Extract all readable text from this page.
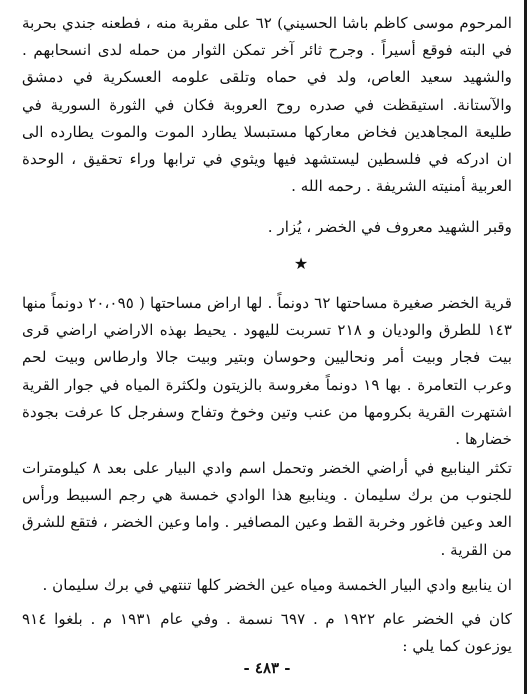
المرحوم موسى كاظم باشا الحسيني) ٦٢ على مقربة منه ، فطعنه جندي بحربة في البته فوقع أسيراً . وجرح ثائر آخر تمكن الثوار من حمله لدى انسحابهم . والشهيد سعيد العاص، ولد في حماه وتلقى علومه العسكرية في دمشق والآستانة. استيقظت في صدره روح العروبة فكان في الثورة السورية في طليعة المجاهدين فخاض معاركها مستبسلا يطارد الموت والموت يطارده الى ان ادركه في فلسطين ليستشهد فيها ويثوي في ترابها وراء تحقيق ، الوحدة العربية أمنيته الشريفة . رحمه الله .

وقبر الشهيد معروف في الخضر ، يُزار .

★

قرية الخضر صغيرة مساحتها ٦٢ دونماً . لها اراض مساحتها ( ٢٠،٠٩٥ دونماً منها ١٤٣ للطرق والوديان و ٢١٨ تسربت لليهود . يحيط بهذه الاراضي اراضي قرى بيت فجار وبيت أمر ونحاليين وحوسان وبتير وبيت جالا وارطاس وبيت لحم وعرب التعامرة . بها ١٩ دونماً مغروسة بالزيتون ولكثرة المياه في جوار القرية اشتهرت القرية بكرومها من عنب وتين وخوخ وتفاح وسفرجل كا عرفت بجودة خضارها .

تكثر الينابيع في أراضي الخضر وتحمل اسم وادي البيار على بعد ٨ كيلومترات للجنوب من برك سليمان . وينابيع هذا الوادي خمسة هي رجم السبيط ورأس العد وعين فاغور وخربة القط وعين المصافير . واما وعين الخضر ، فتقع للشرق من القرية .

ان ينابيع وادي البيار الخمسة ومياه عين الخضر كلها تنتهي في برك سليمان .

كان في الخضر عام ١٩٢٢ م . ٦٩٧ نسمة . وفي عام ١٩٣١ م . بلغوا ٩١٤ يوزعون كما يلي :

- ٤٨٣ -
